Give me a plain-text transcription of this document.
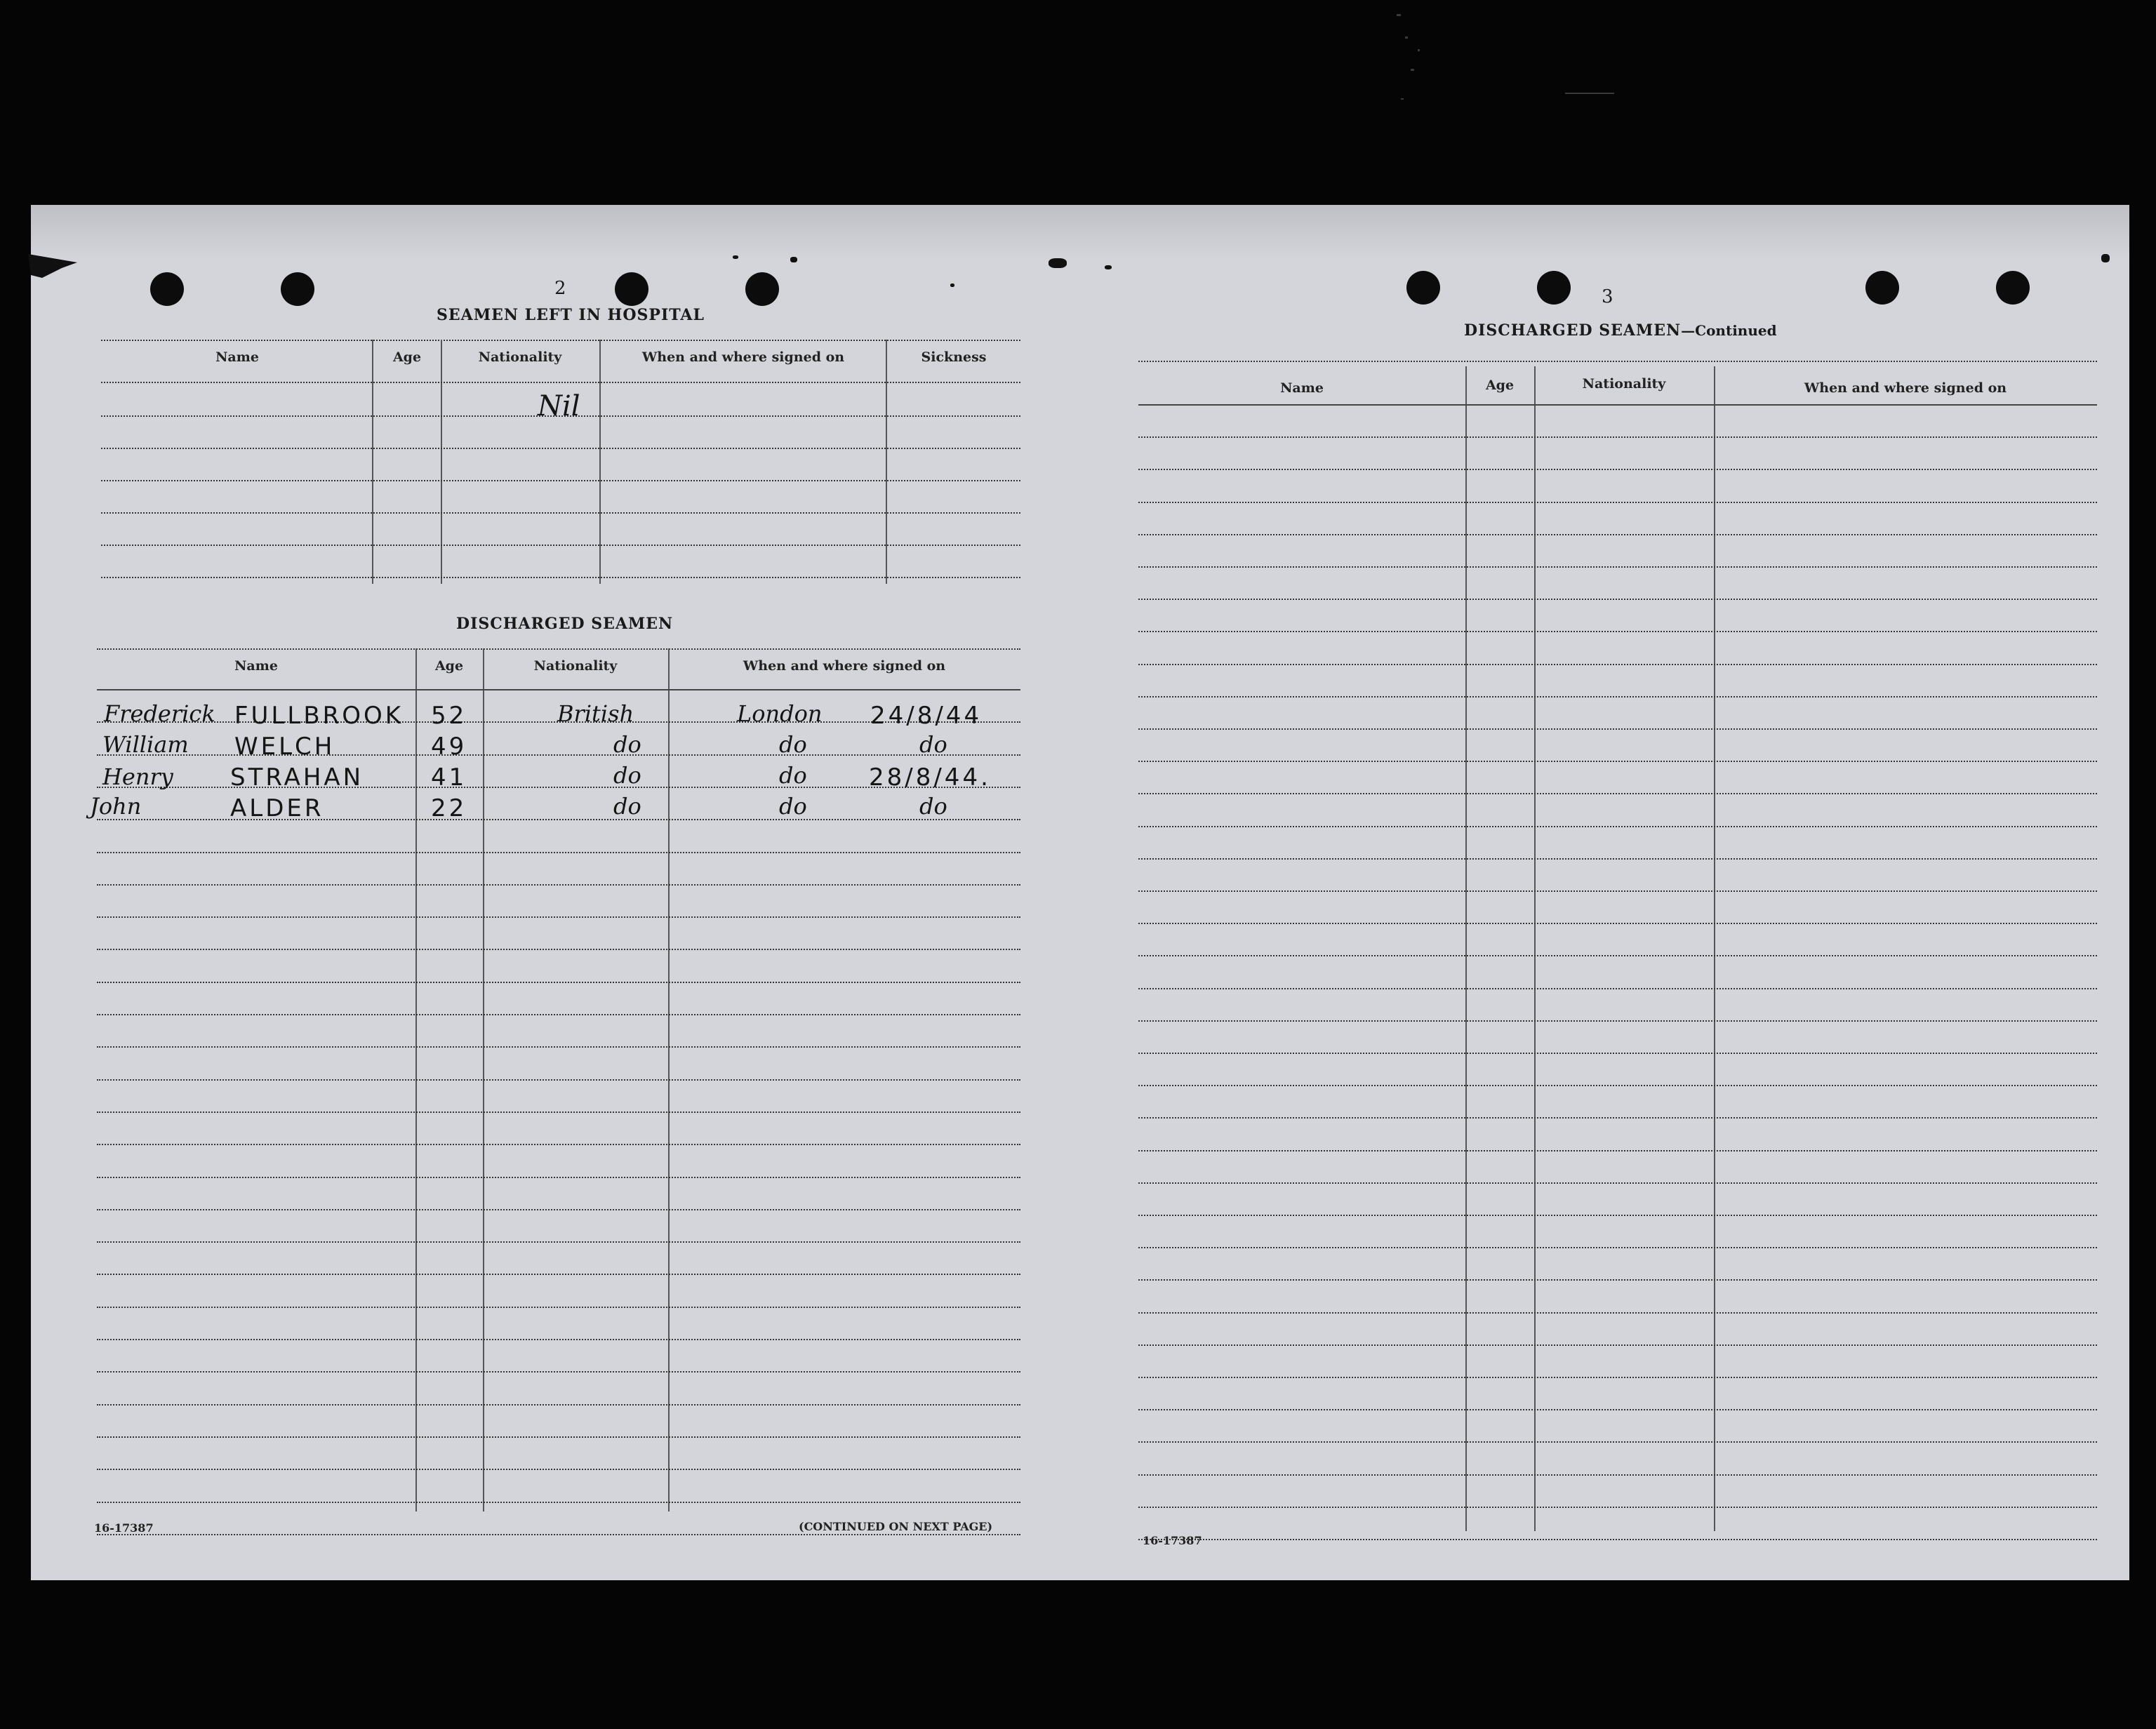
2
SEAMEN LEFT IN HOSPITAL
Name	Age	Nationality	When and where signed on	Sickness
Nil
DISCHARGED SEAMEN
Name	Age	Nationality	When and where signed on
Frederick FULLBROOK 52	British	London 24/8/44
William WELCH	49	do	do	do
Henry STRAHAN	41	do	do	28/8/44.
John	ALDER	22	do	do	do
16-17387	(CONTINUED ON NEXT PAGE)
3
DISCHARGED SEAMEN—Continued
Name	Age	Nationality	When and where signed on
16-17387
